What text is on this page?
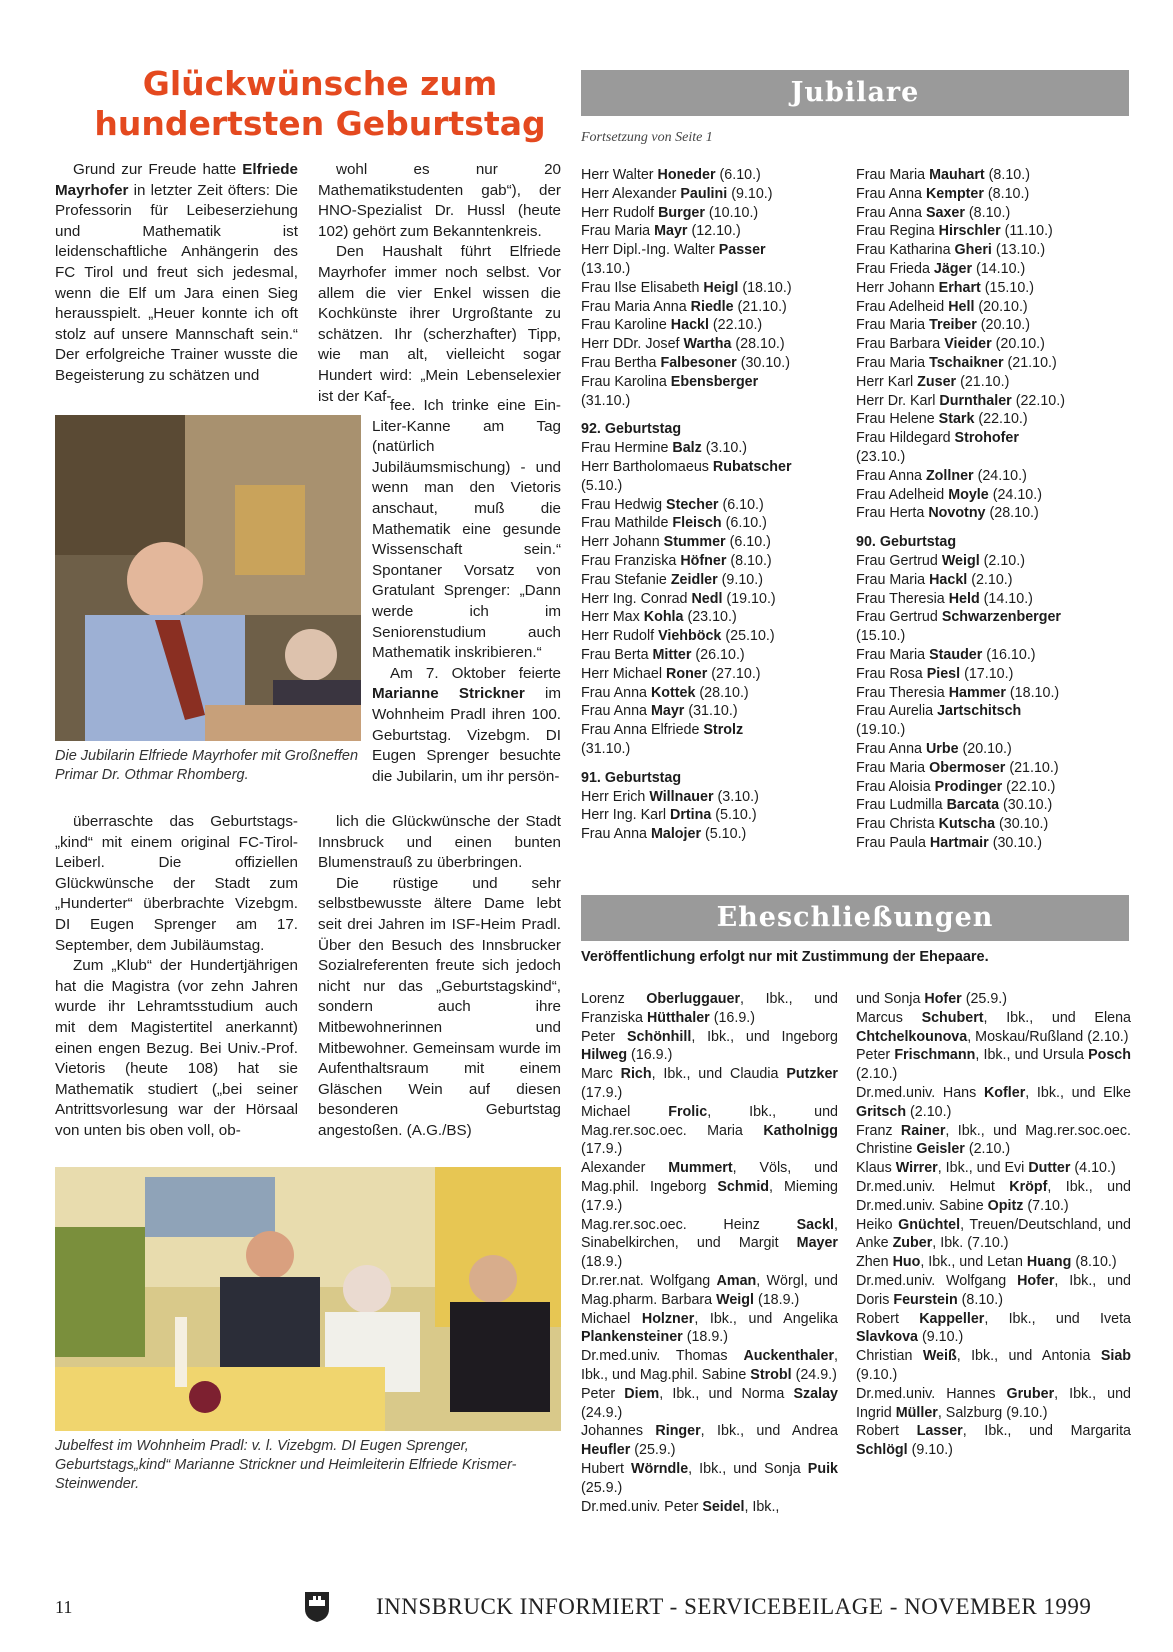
Glückwünsche zum
hundertsten Geburtstag

Grund zur Freude hatte Elfriede Mayrhofer in letzter Zeit öfters: Die Professorin für Leibeserziehung und Mathematik ist leidenschaftliche Anhängerin des FC Tirol und freut sich jedesmal, wenn die Elf um Jara einen Sieg herausspielt. „Heuer konnte ich oft stolz auf unsere Mannschaft sein.“ Der erfolgreiche Trainer wusste die Begeisterung zu schätzen und

wohl es nur 20 Mathematikstudenten gab“), der HNO-Spezialist Dr. Hussl (heute 102) gehört zum Bekanntenkreis.

Den Haushalt führt Elfriede Mayrhofer immer noch selbst. Vor allem die vier Enkel wissen die Kochkünste ihrer Urgroßtante zu schätzen. Ihr (scherzhafter) Tipp, wie man alt, vielleicht sogar Hundert wird: „Mein Lebenselexier ist der Kaf-

Die Jubilarin Elfriede Mayrhofer mit Großneffen Primar Dr. Othmar Rhomberg.

fee. Ich trinke eine Ein-Liter-Kanne am Tag (natürlich Jubiläumsmischung) - und wenn man den Vietoris anschaut, muß die Mathematik eine gesunde Wissenschaft sein.“ Spontaner Vorsatz von Gratulant Sprenger: „Dann werde ich im Seniorenstudium auch Mathematik inskribieren.“

Am 7. Oktober feierte Marianne Strickner im Wohnheim Pradl ihren 100. Geburtstag. Vizebgm. DI Eugen Sprenger besuchte die Jubilarin, um ihr persön-

überraschte das Geburtstags-„kind“ mit einem original FC-Tirol-Leiberl. Die offiziellen Glückwünsche der Stadt zum „Hunderter“ überbrachte Vizebgm. DI Eugen Sprenger am 17. September, dem Jubiläumstag.

Zum „Klub“ der Hundertjährigen hat die Magistra (vor zehn Jahren wurde ihr Lehramtsstudium auch mit dem Magistertitel anerkannt) einen engen Bezug. Bei Univ.-Prof. Vietoris (heute 108) hat sie Mathematik studiert („bei seiner Antrittsvorlesung war der Hörsaal von unten bis oben voll, ob-

lich die Glückwünsche der Stadt Innsbruck und einen bunten Blumenstrauß zu überbringen.

Die rüstige und sehr selbstbewusste ältere Dame lebt seit drei Jahren im ISF-Heim Pradl. Über den Besuch des Innsbrucker Sozialreferenten freute sich jedoch nicht nur das „Geburtstagskind“, sondern auch ihre Mitbewohnerinnen und Mitbewohner. Gemeinsam wurde im Aufenthaltsraum mit einem Gläschen Wein auf diesen besonderen Geburtstag angestoßen. (A.G./BS)

Jubelfest im Wohnheim Pradl: v. l. Vizebgm. DI Eugen Sprenger, Geburtstags„kind“ Marianne Strickner und Heimleiterin Elfriede Krismer-Steinwender.
Jubilare
Fortsetzung von Seite 1
Herr Walter Honeder (6.10.)
Herr Alexander Paulini (9.10.)
Herr Rudolf Burger (10.10.)
Frau Maria Mayr (12.10.)
Herr Dipl.-Ing. Walter Passer
(13.10.)
Frau Ilse Elisabeth Heigl (18.10.)
Frau Maria Anna Riedle (21.10.)
Frau Karoline Hackl (22.10.)
Herr DDr. Josef Wartha (28.10.)
Frau Bertha Falbesoner (30.10.)
Frau Karolina Ebensberger
(31.10.)
92. Geburtstag
Frau Hermine Balz (3.10.)
Herr Bartholomaeus Rubatscher
(5.10.)
Frau Hedwig Stecher (6.10.)
Frau Mathilde Fleisch (6.10.)
Herr Johann Stummer (6.10.)
Frau Franziska Höfner (8.10.)
Frau Stefanie Zeidler (9.10.)
Herr Ing. Conrad Nedl (19.10.)
Herr Max Kohla (23.10.)
Herr Rudolf Viehböck (25.10.)
Frau Berta Mitter (26.10.)
Herr Michael Roner (27.10.)
Frau Anna Kottek (28.10.)
Frau Anna Mayr (31.10.)
Frau Anna Elfriede Strolz
(31.10.)
91. Geburtstag
Herr Erich Willnauer (3.10.)
Herr Ing. Karl Drtina (5.10.)
Frau Anna Malojer (5.10.)
Frau Maria Mauhart (8.10.)
Frau Anna Kempter (8.10.)
Frau Anna Saxer (8.10.)
Frau Regina Hirschler (11.10.)
Frau Katharina Gheri (13.10.)
Frau Frieda Jäger (14.10.)
Herr Johann Erhart (15.10.)
Frau Adelheid Hell (20.10.)
Frau Maria Treiber (20.10.)
Frau Barbara Vieider (20.10.)
Frau Maria Tschaikner (21.10.)
Herr Karl Zuser (21.10.)
Herr Dr. Karl Durnthaler (22.10.)
Frau Helene Stark (22.10.)
Frau Hildegard Strohofer
(23.10.)
Frau Anna Zollner (24.10.)
Frau Adelheid Moyle (24.10.)
Frau Herta Novotny (28.10.)
90. Geburtstag
Frau Gertrud Weigl (2.10.)
Frau Maria Hackl (2.10.)
Frau Theresia Held (14.10.)
Frau Gertrud Schwarzenberger
(15.10.)
Frau Maria Stauder (16.10.)
Frau Rosa Piesl (17.10.)
Frau Theresia Hammer (18.10.)
Frau Aurelia Jartschitsch
(19.10.)
Frau Anna Urbe (20.10.)
Frau Maria Obermoser (21.10.)
Frau Aloisia Prodinger (22.10.)
Frau Ludmilla Barcata (30.10.)
Frau Christa Kutscha (30.10.)
Frau Paula Hartmair (30.10.)
Eheschließungen
Veröffentlichung erfolgt nur mit Zustimmung der Ehepaare.

Lorenz Oberluggauer, Ibk., und Franziska Hütthaler (16.9.)

Peter Schönhill, Ibk., und Ingeborg Hilweg (16.9.)

Marc Rich, Ibk., und Claudia Putzker (17.9.)

Michael Frolic, Ibk., und Mag.rer.soc.oec. Maria Katholnigg (17.9.)

Alexander Mummert, Völs, und Mag.phil. Ingeborg Schmid, Mieming (17.9.)

Mag.rer.soc.oec. Heinz Sackl, Sinabelkirchen, und Margit Mayer (18.9.)

Dr.rer.nat. Wolfgang Aman, Wörgl, und Mag.pharm. Barbara Weigl (18.9.)

Michael Holzner, Ibk., und Angelika Plankensteiner (18.9.)

Dr.med.univ. Thomas Auckenthaler, Ibk., und Mag.phil. Sabine Strobl (24.9.)

Peter Diem, Ibk., und Norma Szalay (24.9.)

Johannes Ringer, Ibk., und Andrea Heufler (25.9.)

Hubert Wörndle, Ibk., und Sonja Puik (25.9.)

Dr.med.univ. Peter Seidel, Ibk.,

und Sonja Hofer (25.9.)

Marcus Schubert, Ibk., und Elena Chtchelkounova, Moskau/Rußland (2.10.)

Peter Frischmann, Ibk., und Ursula Posch (2.10.)

Dr.med.univ. Hans Kofler, Ibk., und Elke Gritsch (2.10.)

Franz Rainer, Ibk., und Mag.rer.soc.oec. Christine Geisler (2.10.)

Klaus Wirrer, Ibk., und Evi Dutter (4.10.)

Dr.med.univ. Helmut Kröpf, Ibk., und Dr.med.univ. Sabine Opitz (7.10.)

Heiko Gnüchtel, Treuen/Deutschland, und Anke Zuber, Ibk. (7.10.)

Zhen Huo, Ibk., und Letan Huang (8.10.)

Dr.med.univ. Wolfgang Hofer, Ibk., und Doris Feurstein (8.10.)

Robert Kappeller, Ibk., und Iveta Slavkova (9.10.)

Christian Weiß, Ibk., und Antonia Siab (9.10.)

Dr.med.univ. Hannes Gruber, Ibk., und Ingrid Müller, Salzburg (9.10.)

Robert Lasser, Ibk., und Margarita Schlögl (9.10.)

11	INNSBRUCK INFORMIERT - SERVICEBEILAGE - NOVEMBER 1999
